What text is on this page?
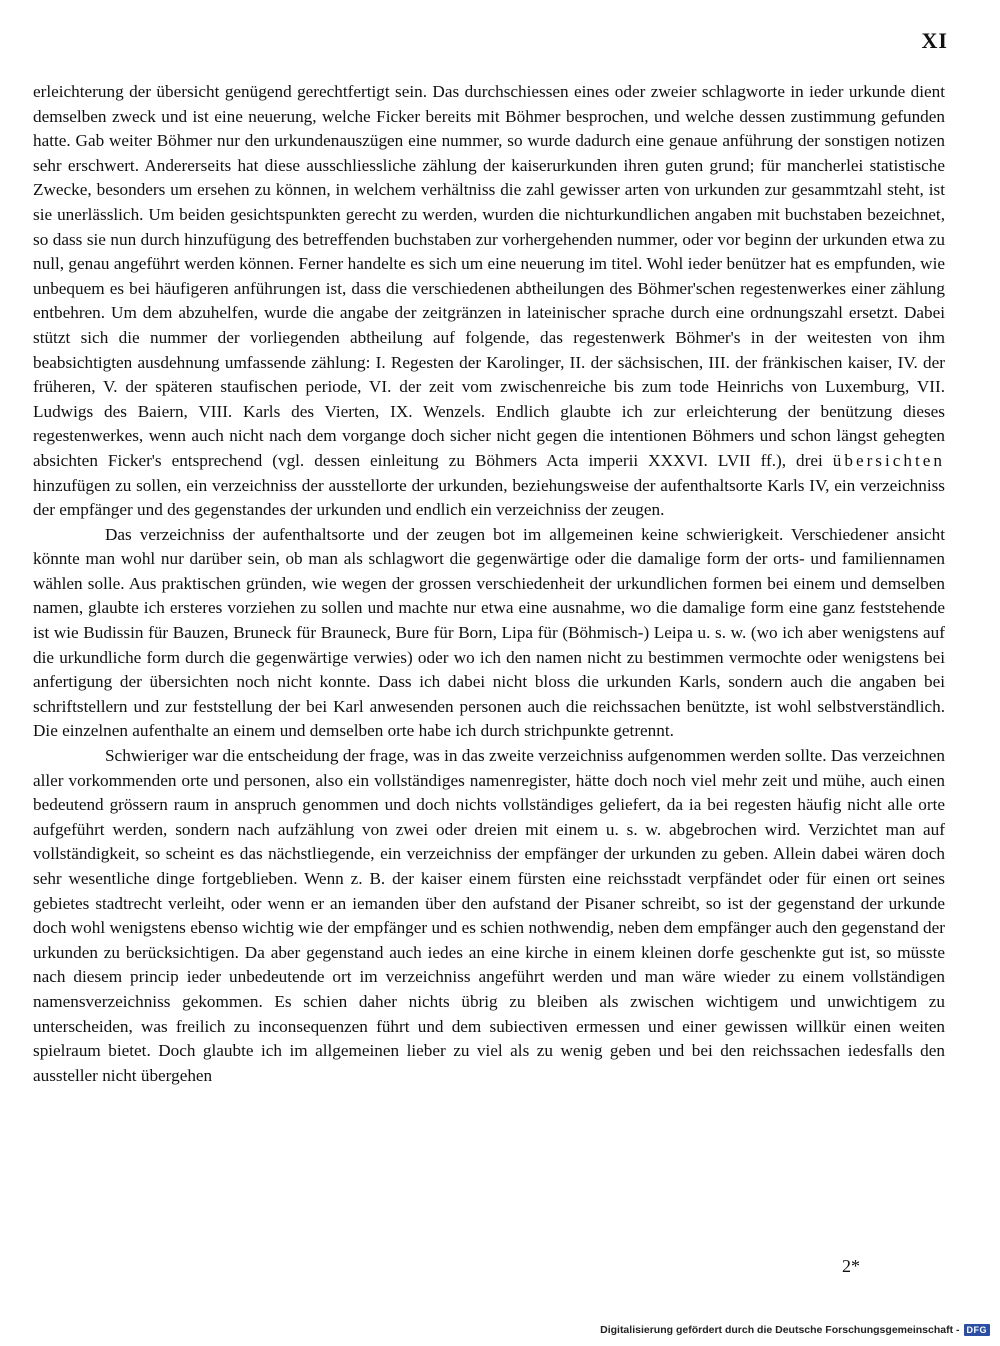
XI

erleichterung der übersicht genügend gerechtfertigt sein. Das durchschiessen eines oder zweier schlagworte in ieder urkunde dient demselben zweck und ist eine neuerung, welche Ficker bereits mit Böhmer besprochen, und welche dessen zustimmung gefunden hatte. Gab weiter Böhmer nur den urkundenauszügen eine nummer, so wurde dadurch eine genaue anführung der sonstigen notizen sehr erschwert. Andererseits hat diese ausschliessliche zählung der kaiserurkunden ihren guten grund; für mancherlei statistische Zwecke, besonders um ersehen zu können, in welchem verhältniss die zahl gewisser arten von urkunden zur gesammtzahl steht, ist sie unerlässlich. Um beiden gesichtspunkten gerecht zu werden, wurden die nichturkundlichen angaben mit buchstaben bezeichnet, so dass sie nun durch hinzufügung des betreffenden buchstaben zur vorhergehenden nummer, oder vor beginn der urkunden etwa zu null, genau angeführt werden können. Ferner handelte es sich um eine neuerung im titel. Wohl ieder benützer hat es empfunden, wie unbequem es bei häufigeren anführungen ist, dass die verschiedenen abtheilungen des Böhmer'schen regestenwerkes einer zählung entbehren. Um dem abzuhelfen, wurde die angabe der zeitgränzen in lateinischer sprache durch eine ordnungszahl ersetzt. Dabei stützt sich die nummer der vorliegenden abtheilung auf folgende, das regestenwerk Böhmer's in der weitesten von ihm beabsichtigten ausdehnung umfassende zählung: I. Regesten der Karolinger, II. der sächsischen, III. der fränkischen kaiser, IV. der früheren, V. der späteren staufischen periode, VI. der zeit vom zwischenreiche bis zum tode Heinrichs von Luxemburg, VII. Ludwigs des Baiern, VIII. Karls des Vierten, IX. Wenzels. Endlich glaubte ich zur erleichterung der benützung dieses regestenwerkes, wenn auch nicht nach dem vorgange doch sicher nicht gegen die intentionen Böhmers und schon längst gehegten absichten Ficker's entsprechend (vgl. dessen einleitung zu Böhmers Acta imperii XXXVI. LVII ff.), drei übersichten hinzufügen zu sollen, ein verzeichniss der ausstellorte der urkunden, beziehungsweise der aufenthaltsorte Karls IV, ein verzeichniss der empfänger und des gegenstandes der urkunden und endlich ein verzeichniss der zeugen.

Das verzeichniss der aufenthaltsorte und der zeugen bot im allgemeinen keine schwierigkeit. Verschiedener ansicht könnte man wohl nur darüber sein, ob man als schlagwort die gegenwärtige oder die damalige form der orts- und familiennamen wählen solle. Aus praktischen gründen, wie wegen der grossen verschiedenheit der urkundlichen formen bei einem und demselben namen, glaubte ich ersteres vorziehen zu sollen und machte nur etwa eine ausnahme, wo die damalige form eine ganz feststehende ist wie Budissin für Bauzen, Bruneck für Brauneck, Bure für Born, Lipa für (Böhmisch-) Leipa u. s. w. (wo ich aber wenigstens auf die urkundliche form durch die gegenwärtige verwies) oder wo ich den namen nicht zu bestimmen vermochte oder wenigstens bei anfertigung der übersichten noch nicht konnte. Dass ich dabei nicht bloss die urkunden Karls, sondern auch die angaben bei schriftstellern und zur feststellung der bei Karl anwesenden personen auch die reichssachen benützte, ist wohl selbstverständlich. Die einzelnen aufenthalte an einem und demselben orte habe ich durch strichpunkte getrennt.

Schwieriger war die entscheidung der frage, was in das zweite verzeichniss aufgenommen werden sollte. Das verzeichnen aller vorkommenden orte und personen, also ein vollständiges namenregister, hätte doch noch viel mehr zeit und mühe, auch einen bedeutend grössern raum in anspruch genommen und doch nichts vollständiges geliefert, da ia bei regesten häufig nicht alle orte aufgeführt werden, sondern nach aufzählung von zwei oder dreien mit einem u. s. w. abgebrochen wird. Verzichtet man auf vollständigkeit, so scheint es das nächstliegende, ein verzeichniss der empfänger der urkunden zu geben. Allein dabei wären doch sehr wesentliche dinge fortgeblieben. Wenn z. B. der kaiser einem fürsten eine reichsstadt verpfändet oder für einen ort seines gebietes stadtrecht verleiht, oder wenn er an iemanden über den aufstand der Pisaner schreibt, so ist der gegenstand der urkunde doch wohl wenigstens ebenso wichtig wie der empfänger und es schien nothwendig, neben dem empfänger auch den gegenstand der urkunden zu berücksichtigen. Da aber gegenstand auch iedes an eine kirche in einem kleinen dorfe geschenkte gut ist, so müsste nach diesem princip ieder unbedeutende ort im verzeichniss angeführt werden und man wäre wieder zu einem vollständigen namensverzeichniss gekommen. Es schien daher nichts übrig zu bleiben als zwischen wichtigem und unwichtigem zu unterscheiden, was freilich zu inconsequenzen führt und dem subiectiven ermessen und einer gewissen willkür einen weiten spielraum bietet. Doch glaubte ich im allgemeinen lieber zu viel als zu wenig geben und bei den reichssachen iedesfalls den aussteller nicht übergehen

2*
Digitalisierung gefördert durch die Deutsche Forschungsgemeinschaft - DFG
